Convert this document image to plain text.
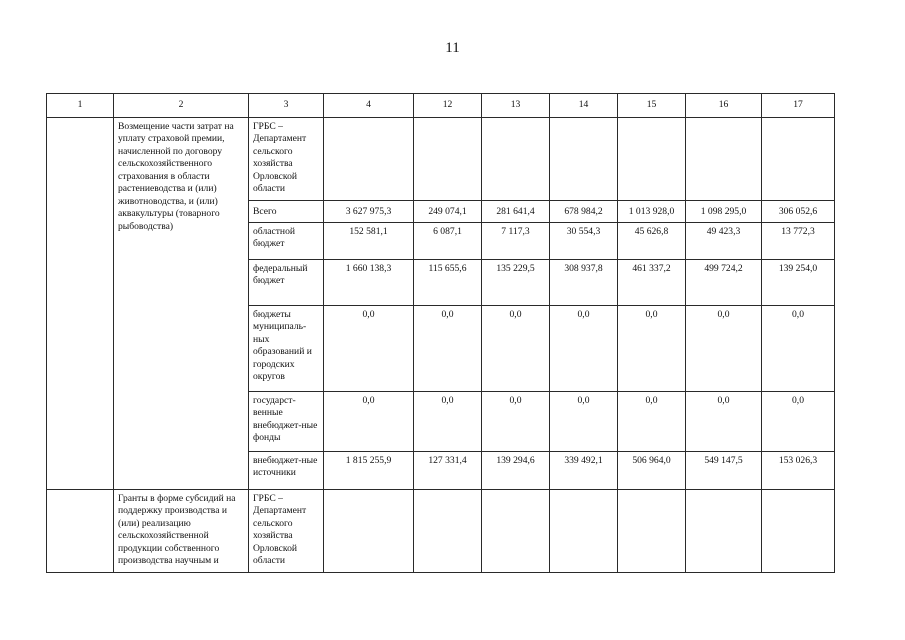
11
1	2	3	4	12	13	14	15	16	17
	Возмещение части затрат на уплату страховой премии, начисленной по договору сельскохозяйственного страхования в области растениеводства и (или) животноводства, и (или) аквакультуры (товарного рыбоводства)	ГРБС – Департамент сельского хозяйства Орловской области							
		Всего	3 627 975,3	249 074,1	281 641,4	678 984,2	1 013 928,0	1 098 295,0	306 052,6
		областной бюджет	152 581,1	6 087,1	7 117,3	30 554,3	45 626,8	49 423,3	13 772,3
		федеральный бюджет	1 660 138,3	115 655,6	135 229,5	308 937,8	461 337,2	499 724,2	139 254,0
		бюджеты муниципаль-ных образований и городских округов	0,0	0,0	0,0	0,0	0,0	0,0	0,0
		государст-венные внебюджет-ные фонды	0,0	0,0	0,0	0,0	0,0	0,0	0,0
		внебюджет-ные источники	1 815 255,9	127 331,4	139 294,6	339 492,1	506 964,0	549 147,5	153 026,3
	Гранты в форме субсидий на поддержку производства и (или) реализацию сельскохозяйственной продукции собственного производства научным и	ГРБС – Департамент сельского хозяйства Орловской области							
